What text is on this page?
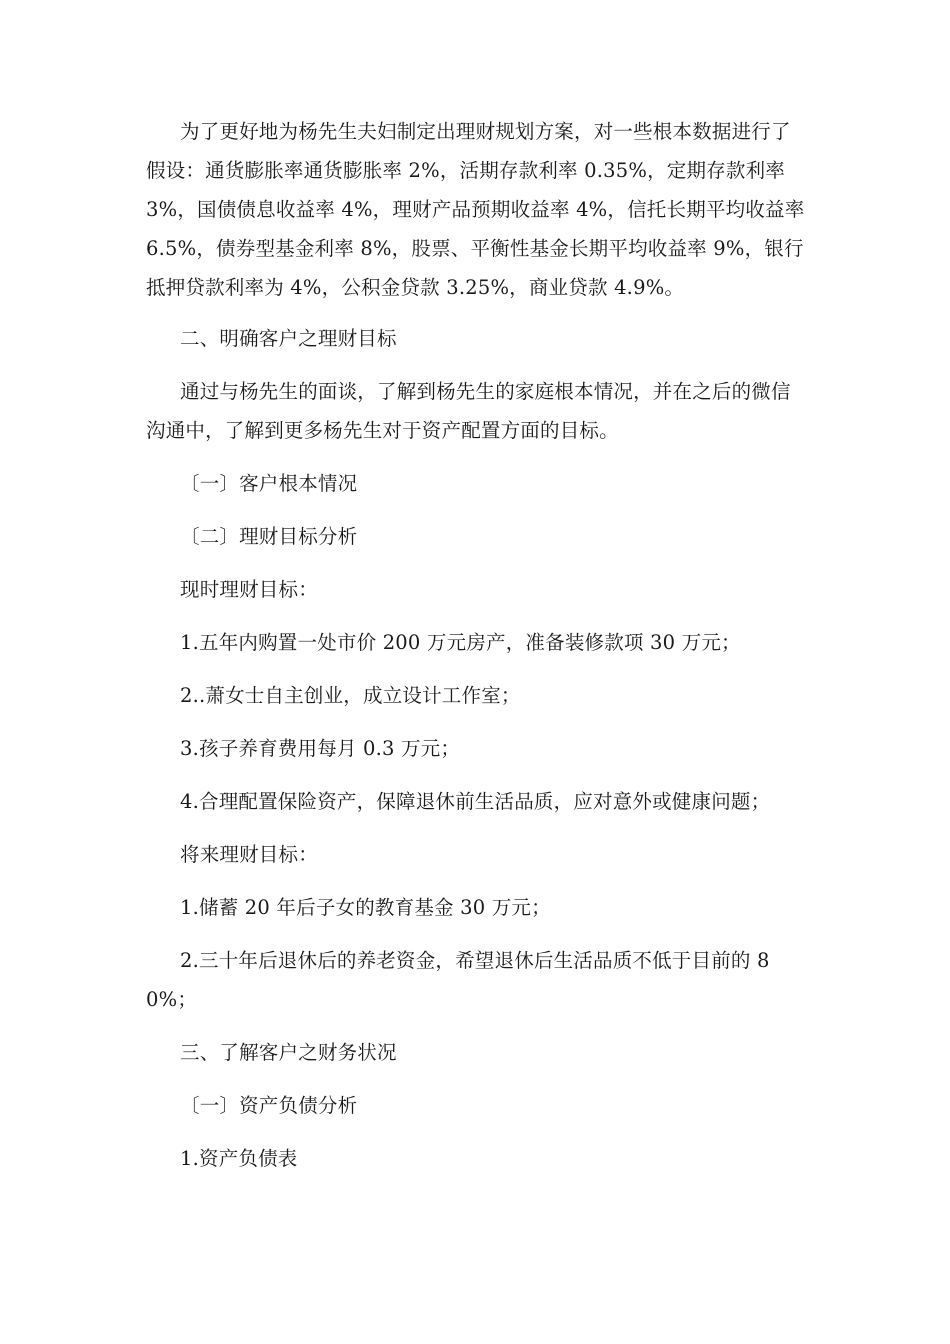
为了更好地为杨先生夫妇制定出理财规划方案，对一些根本数据进行了假设：通货膨胀率通货膨胀率 2%，活期存款利率 0.35%，定期存款利率 3%，国债债息收益率 4%，理财产品预期收益率 4%，信托长期平均收益率 6.5%，债券型基金利率 8%，股票、平衡性基金长期平均收益率 9%，银行抵押贷款利率为 4%，公积金贷款 3.25%，商业贷款 4.9%。

二、明确客户之理财目标

通过与杨先生的面谈，了解到杨先生的家庭根本情况，并在之后的微信沟通中，了解到更多杨先生对于资产配置方面的目标。

〔一〕客户根本情况

〔二〕理财目标分析

现时理财目标：

1.五年内购置一处市价 200 万元房产，准备装修款项 30 万元；

2..萧女士自主创业，成立设计工作室；

3.孩子养育费用每月 0.3 万元；

4.合理配置保险资产，保障退休前生活品质，应对意外或健康问题；

将来理财目标：

1.储蓄 20 年后子女的教育基金 30 万元；

2.三十年后退休后的养老资金，希望退休后生活品质不低于目前的 80%；

三、了解客户之财务状况

〔一〕资产负债分析

1.资产负债表
